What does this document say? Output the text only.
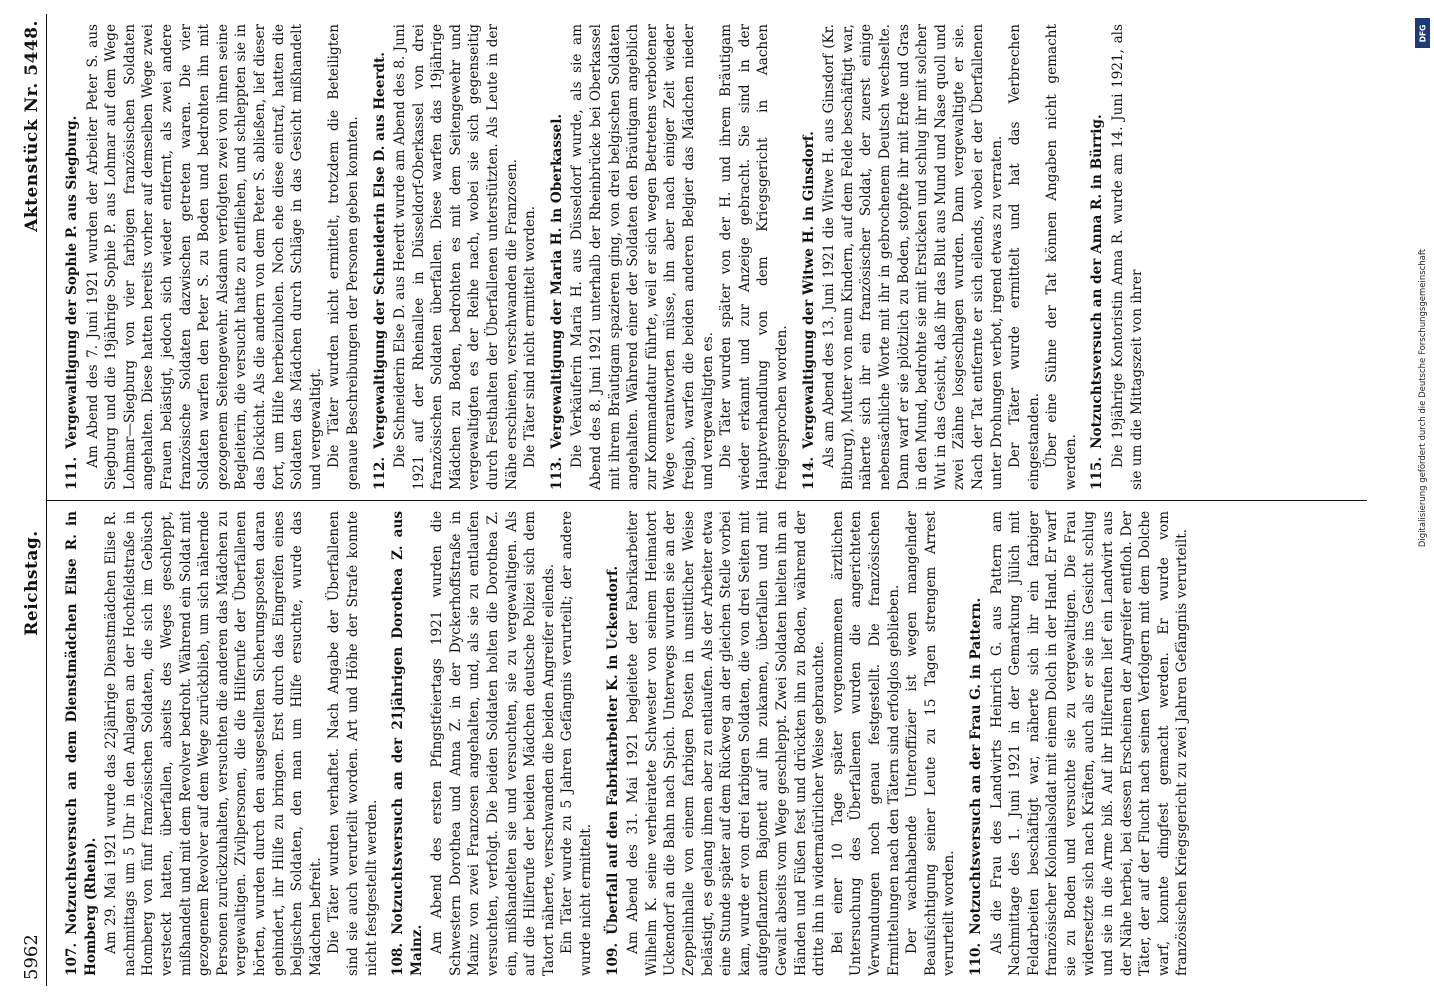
5962
Reichstag.
Aktenstück Nr. 5448.
107.Notzuchtsversuch an dem Dienstmädchen Elise R. in Homberg (Rhein). Am 29. Mai 1921 wurde das 22jährige Dienstmädchen Elise R. nachmittags um 5 Uhr in den Anlagen an der Hochfeldstraße in Homberg von fünf französischen Soldaten, die sich im Gebüsch versteckt hatten, überfallen, abseits des Weges geschleppt, mißhandelt und mit dem Revolver bedroht. Während ein Soldat mit gezogenem Revolver auf dem Wege zurückblieb, um sich nähernde Personen zurückzuhalten, versuchten die anderen das Mädchen zu vergewaltigen. Zivilpersonen, die die Hilferufe der Überfallenen hörten, wurden durch den ausgestellten Sicherungsposten daran gehindert, ihr Hilfe zu bringen. Erst durch das Eingreifen eines belgischen Soldaten, den man um Hilfe ersuchte, wurde das Mädchen befreit. Die Täter wurden verhaftet. Nach Angabe der Überfallenen sind sie auch verurteilt worden. Art und Höhe der Strafe konnte nicht festgestellt werden. 108.Notzuchtsversuch an der 21jährigen Dorothea Z. aus Mainz. Am Abend des ersten Pfingstfeiertags 1921 wurden die Schwestern Dorothea und Anna Z. in der Dyckerhoffstraße in Mainz von zwei Franzosen angehalten, und, als sie zu entlaufen versuchten, verfolgt. Die beiden Soldaten holten die Dorothea Z. ein, mißhandelten sie und versuchten, sie zu vergewaltigen. Als auf die Hilferufe der beiden Mädchen deutsche Polizei sich dem Tatort näherte, verschwanden die beiden Angreifer eilends. Ein Täter wurde zu 5 Jahren Gefängnis verurteilt; der andere wurde nicht ermittelt. 109.Überfall auf den Fabrikarbeiter K. in Uckendorf. Am Abend des 31. Mai 1921 begleitete der Fabrikarbeiter Wilhelm K. seine verheiratete Schwester von seinem Heimatort Uckendorf an die Bahn nach Spich. Unterwegs wurden sie an der Zeppelinhalle von einem farbigen Posten in unsittlicher Weise belästigt, es gelang ihnen aber zu entlaufen. Als der Arbeiter etwa eine Stunde später auf dem Rückweg an der gleichen Stelle vorbei kam, wurde er von drei farbigen Soldaten, die von drei Seiten mit aufgepflanztem Bajonett auf ihn zukamen, überfallen und mit Gewalt abseits vom Wege geschleppt. Zwei Soldaten hielten ihn an Händen und Füßen fest und drückten ihn zu Boden, während der dritte ihn in widernatürlicher Weise gebrauchte. Bei einer 10 Tage später vorgenommenen ärztlichen Untersuchung des Überfallenen wurden die angerichteten Verwundungen noch genau festgestellt. Die französischen Ermittelungen nach den Tätern sind erfolglos geblieben. Der wachhabende Unteroffizier ist wegen mangelnder Beaufsichtigung seiner Leute zu 15 Tagen strengem Arrest verurteilt worden. 110.Notzuchtsversuch an der Frau G. in Pattern. Als die Frau des Landwirts Heinrich G. aus Pattern am Nachmittage des 1. Juni 1921 in der Gemarkung Jülich mit Feldarbeiten beschäftigt war, näherte sich ihr ein farbiger französischer Kolonialsoldat mit einem Dolch in der Hand. Er warf sie zu Boden und versuchte sie zu vergewaltigen. Die Frau widersetzte sich nach Kräften, auch als er sie ins Gesicht schlug und sie in die Arme biß. Auf ihr Hilferufen lief ein Landwirt aus der Nähe herbei, bei dessen Erscheinen der Angreifer entfloh. Der Täter, der auf der Flucht nach seinen Verfolgern mit dem Dolche warf, konnte dingfest gemacht werden. Er wurde vom französischen Kriegsgericht zu zwei Jahren Gefängnis verurteilt.

111.Vergewaltigung der Sophie P. aus Siegburg. Am Abend des 7. Juni 1921 wurden der Arbeiter Peter S. aus Siegburg und die 19jährige Sophie P. aus Lohmar auf dem Wege Lohmar—Siegburg von vier farbigen französischen Soldaten angehalten. Diese hatten bereits vorher auf demselben Wege zwei Frauen belästigt, jedoch sich wieder entfernt, als zwei andere französische Soldaten dazwischen getreten waren. Die vier Soldaten warfen den Peter S. zu Boden und bedrohten ihn mit gezogenem Seitengewehr. Alsdann verfolgten zwei von ihnen seine Begleiterin, die versucht hatte zu entfliehen, und schleppten sie in das Dickicht. Als die andern von dem Peter S. abließen, lief dieser fort, um Hilfe herbeizuholen. Noch ehe diese eintraf, hatten die Soldaten das Mädchen durch Schläge in das Gesicht mißhandelt und vergewaltigt. Die Täter wurden nicht ermittelt, trotzdem die Beteiligten genaue Beschreibungen der Personen geben konnten. 112.Vergewaltigung der Schneiderin Else D. aus Heerdt. Die Schneiderin Else D. aus Heerdt wurde am Abend des 8. Juni 1921 auf der Rheinallee in Düsseldorf-Oberkassel von drei französischen Soldaten überfallen. Diese warfen das 19jährige Mädchen zu Boden, bedrohten es mit dem Seitengewehr und vergewaltigten es der Reihe nach, wobei sie sich gegenseitig durch Festhalten der Überfallenen unterstützten. Als Leute in der Nähe erschienen, verschwanden die Franzosen. Die Täter sind nicht ermittelt worden.

113.Vergewaltigung der Maria H. in Oberkassel. Die Verkäuferin Maria H. aus Düsseldorf wurde, als sie am Abend des 8. Juni 1921 unterhalb der Rheinbrücke bei Oberkassel mit ihrem Bräutigam spazieren ging, von drei belgischen Soldaten angehalten. Während einer der Soldaten den Bräutigam angeblich zur Kommandatur führte, weil er sich wegen Betretens verbotener Wege verantworten müsse, ihn aber nach einiger Zeit wieder freigab, warfen die beiden anderen Belgier das Mädchen nieder und vergewaltigten es. Die Täter wurden später von der H. und ihrem Bräutigam wieder erkannt und zur Anzeige gebracht. Sie sind in der Hauptverhandlung von dem Kriegsgericht in Aachen freigesprochen worden. 114.Vergewaltigung der Witwe H. in Ginsdorf. Als am Abend des 13. Juni 1921 die Witwe H. aus Ginsdorf (Kr. Bitburg), Mutter von neun Kindern, auf dem Felde beschäftigt war, näherte sich ihr ein französischer Soldat, der zuerst einige nebensächliche Worte mit ihr in gebrochenem Deutsch wechselte. Dann warf er sie plötzlich zu Boden, stopfte ihr mit Erde und Gras in den Mund, bedrohte sie mit Ersticken und schlug ihr mit solcher Wut in das Gesicht, daß ihr das Blut aus Mund und Nase quoll und zwei Zähne losgeschlagen wurden. Dann vergewaltigte er sie. Nach der Tat entfernte er sich eilends, wobei er der Überfallenen unter Drohungen verbot, irgend etwas zu verraten. Der Täter wurde ermittelt und hat das Verbrechen eingestanden. Über eine Sühne der Tat können Angaben nicht gemacht werden. 115.Notzuchtsversuch an der Anna R. in Bürrig. Die 19jährige Kontoristin Anna R. wurde am 14. Juni 1921, als sie um die Mittagszeit von ihrer	Digitalisierung gefördert durch die Deutsche Forschungsgemeinschaft
DFG
